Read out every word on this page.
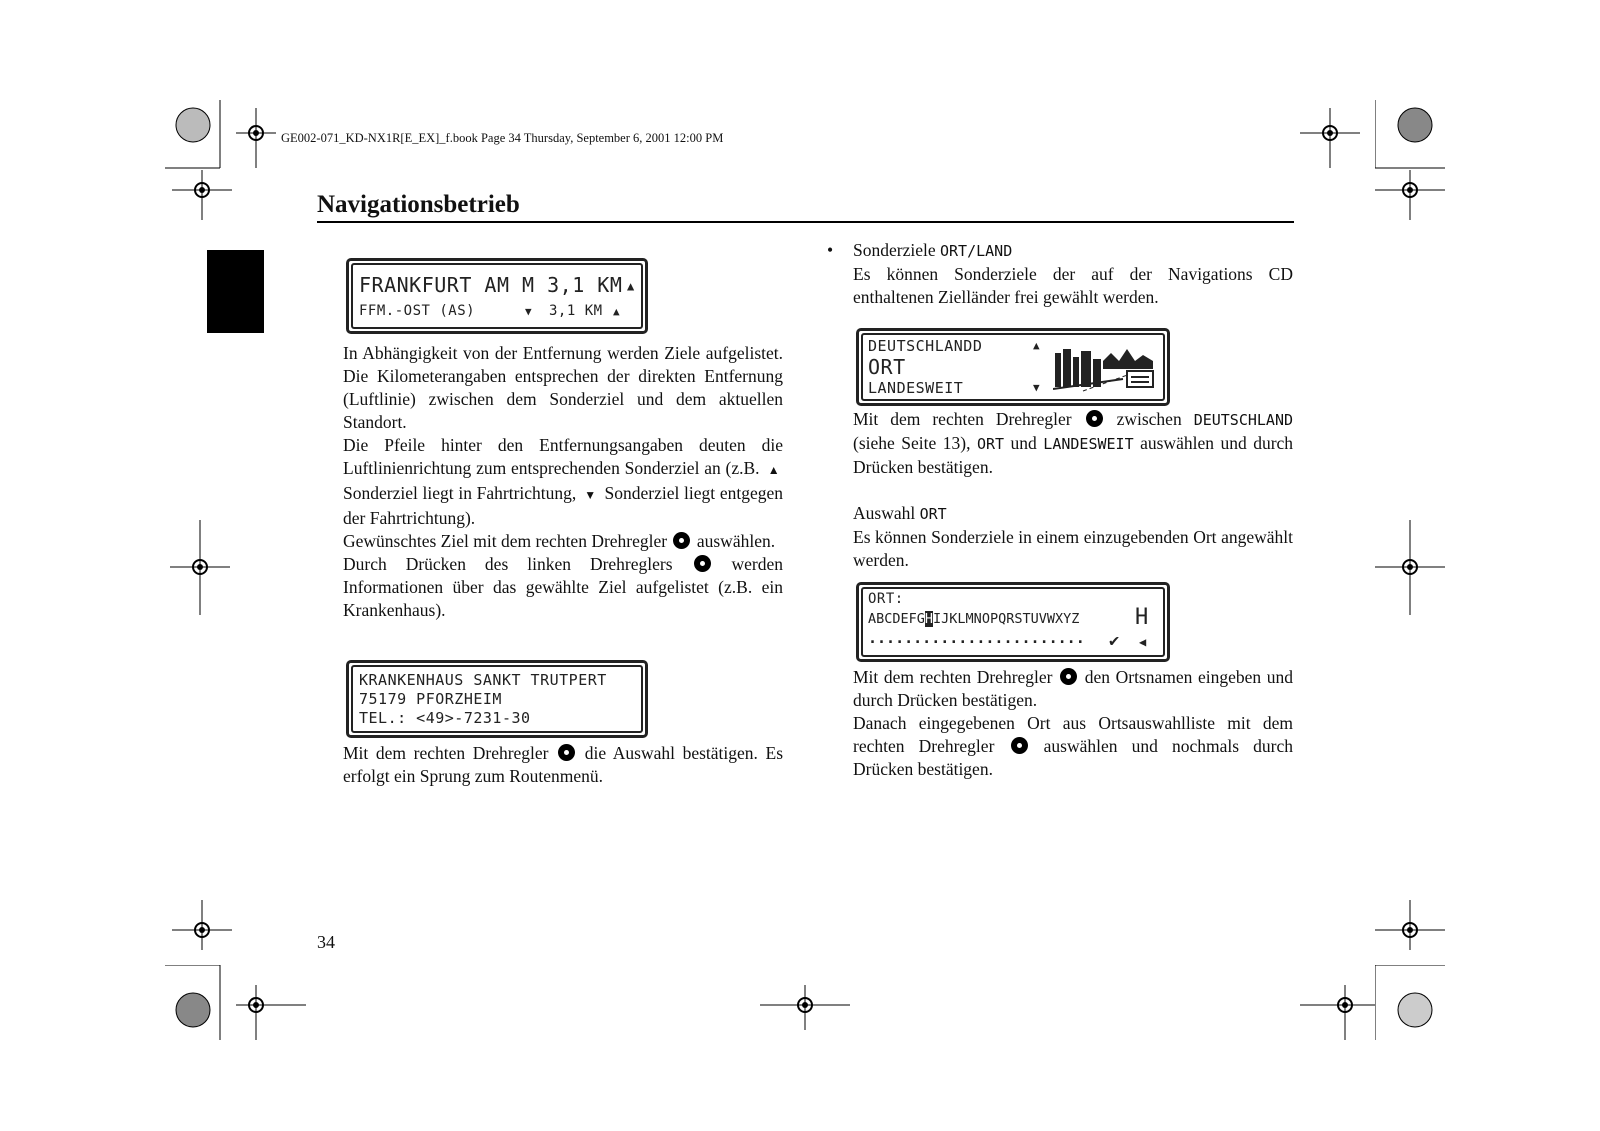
GE002-071_KD-NX1R[E_EX]_f.book Page 34 Thursday, September 6, 2001 12:00 PM
Navigationsbetrieb
FRANKFURT AM M 3,1 KM ▲
FFM.-OST (AS)	▼ 3,1 KM ▲

In Abhängigkeit von der Entfernung werden Ziele aufgelistet. Die Kilometerangaben entsprechen der direkten Entfernung (Luftlinie) zwischen dem Sonderziel und dem aktuellen Standort.

Die Pfeile hinter den Entfernungsangaben deuten die Luftlinienrichtung zum entsprechenden Sonderziel an (z.B.  ▲  Sonderziel liegt in Fahrtrichtung,  ▼  Sonderziel liegt entgegen der Fahrtrichtung).

Gewünschtes Ziel mit dem rechten Drehregler auswählen.

Durch Drücken des linken Drehreglers	werden Informationen über das gewählte Ziel aufgelistet (z.B. ein Krankenhaus).

KRANKENHAUS SANKT TRUTPERT
75179 PFORZHEIM
TEL.: <49>-7231-30

Mit dem rechten Drehregler die Auswahl bestätigen. Es erfolgt ein Sprung zum Routenmenü.

• Sonderziele ORT/LAND

Es können Sonderziele der auf der Navigations CD enthaltenen Zielländer frei gewählt werden.

DEUTSCHLANDD	▲
ORT
LANDESWEIT	▼

Mit dem rechten Drehregler	zwischen DEUTSCHLAND (siehe Seite 13), ORT und LANDESWEIT auswählen und durch Drücken bestätigen.

Auswahl ORT

Es können Sonderziele in einem einzugebenden Ort angewählt werden.

ORT:
ABCDEFGHIJKLMNOPQRSTUVWXYZ	H
........................ ✔ ◀

Mit dem rechten Drehregler den Ortsnamen eingeben und durch Drücken bestätigen.

Danach eingegebenen Ort aus Ortsauswahlliste mit dem rechten Drehregler	auswählen und nochmals durch Drücken bestätigen.

34
